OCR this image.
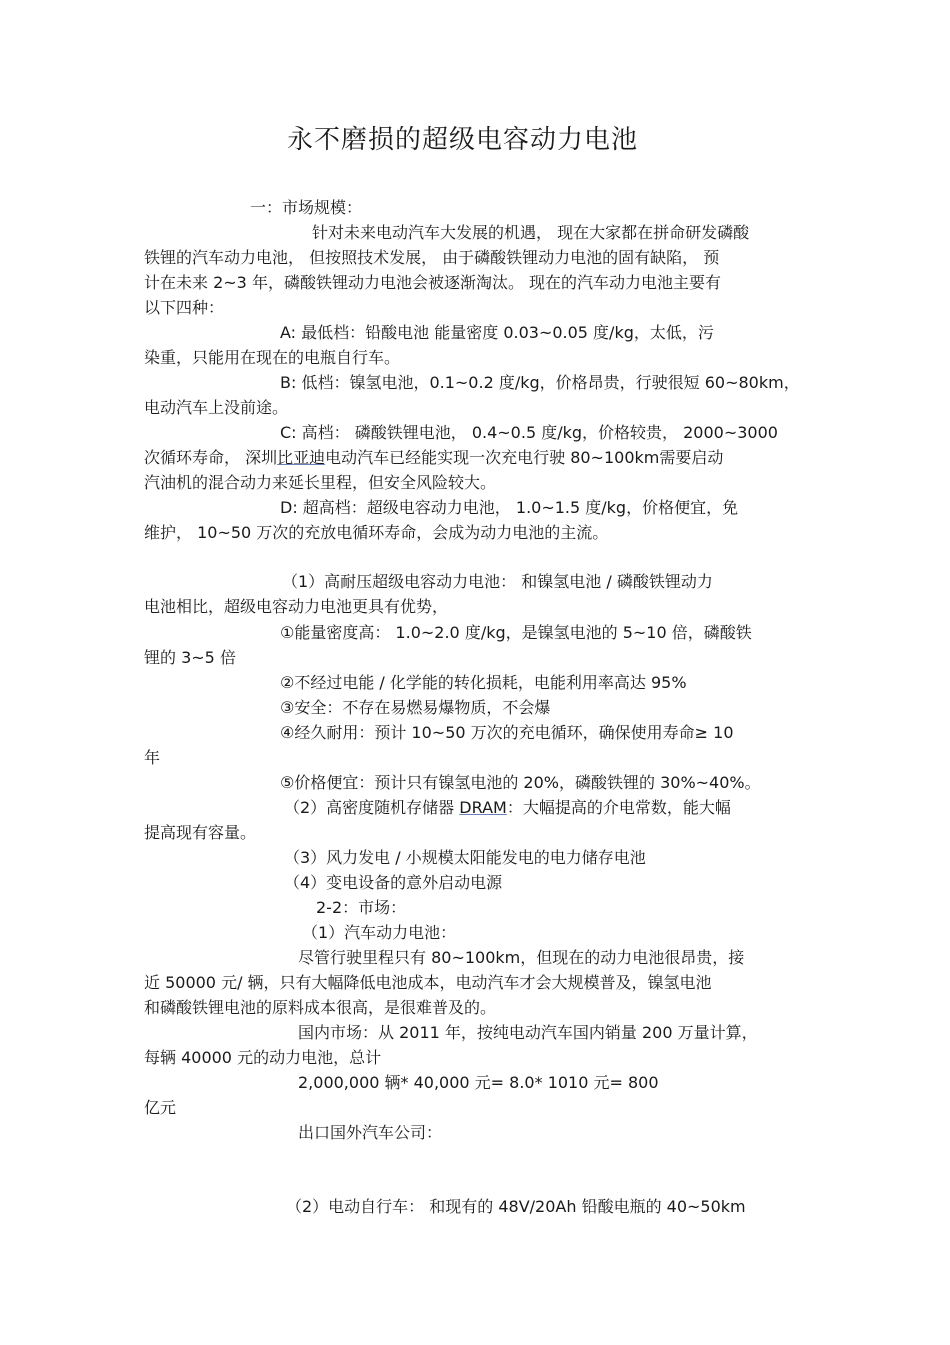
永不磨损的超级电容动力电池
一：市场规模：
针对未来电动汽车大发展的机遇， 现在大家都在拼命研发磷酸
铁锂的汽车动力电池， 但按照技术发展， 由于磷酸铁锂动力电池的固有缺陷， 预
计在未来 2~3 年，磷酸铁锂动力电池会被逐渐淘汰。 现在的汽车动力电池主要有
以下四种：
A: 最低档：铅酸电池 能量密度 0.03~0.05 度/kg，太低，污
染重，只能用在现在的电瓶自行车。
B: 低档：镍氢电池，0.1~0.2 度/kg，价格昂贵，行驶很短 60~80km，
电动汽车上没前途。
C: 高档： 磷酸铁锂电池， 0.4~0.5 度/kg，价格较贵， 2000~3000
次循环寿命， 深圳比亚迪电动汽车已经能实现一次充电行驶 80~100km需要启动
汽油机的混合动力来延长里程，但安全风险较大。
D: 超高档：超级电容动力电池， 1.0~1.5 度/kg，价格便宜，免
维护， 10~50 万次的充放电循环寿命，会成为动力电池的主流。
（1）高耐压超级电容动力电池： 和镍氢电池 / 磷酸铁锂动力
电池相比，超级电容动力电池更具有优势，
①能量密度高： 1.0~2.0 度/kg，是镍氢电池的 5~10 倍，磷酸铁
锂的 3~5 倍
②不经过电能 / 化学能的转化损耗，电能利用率高达 95%
③安全：不存在易燃易爆物质，不会爆
④经久耐用：预计 10~50 万次的充电循环，确保使用寿命≥ 10
年
⑤价格便宜：预计只有镍氢电池的 20%，磷酸铁锂的 30%~40%。
（2）高密度随机存储器 DRAM：大幅提高的介电常数，能大幅
提高现有容量。
（3）风力发电 / 小规模太阳能发电的电力储存电池
（4）变电设备的意外启动电源
2-2：市场：
（1）汽车动力电池：
尽管行驶里程只有 80~100km，但现在的动力电池很昂贵，接
近 50000 元/ 辆，只有大幅降低电池成本，电动汽车才会大规模普及，镍氢电池
和磷酸铁锂电池的原料成本很高，是很难普及的。
国内市场：从 2011 年，按纯电动汽车国内销量 200 万量计算，
每辆 40000 元的动力电池，总计
2,000,000 辆* 40,000 元= 8.0* 1010 元= 800
亿元
出口国外汽车公司：
（2）电动自行车： 和现有的 48V/20Ah 铅酸电瓶的 40~50km
